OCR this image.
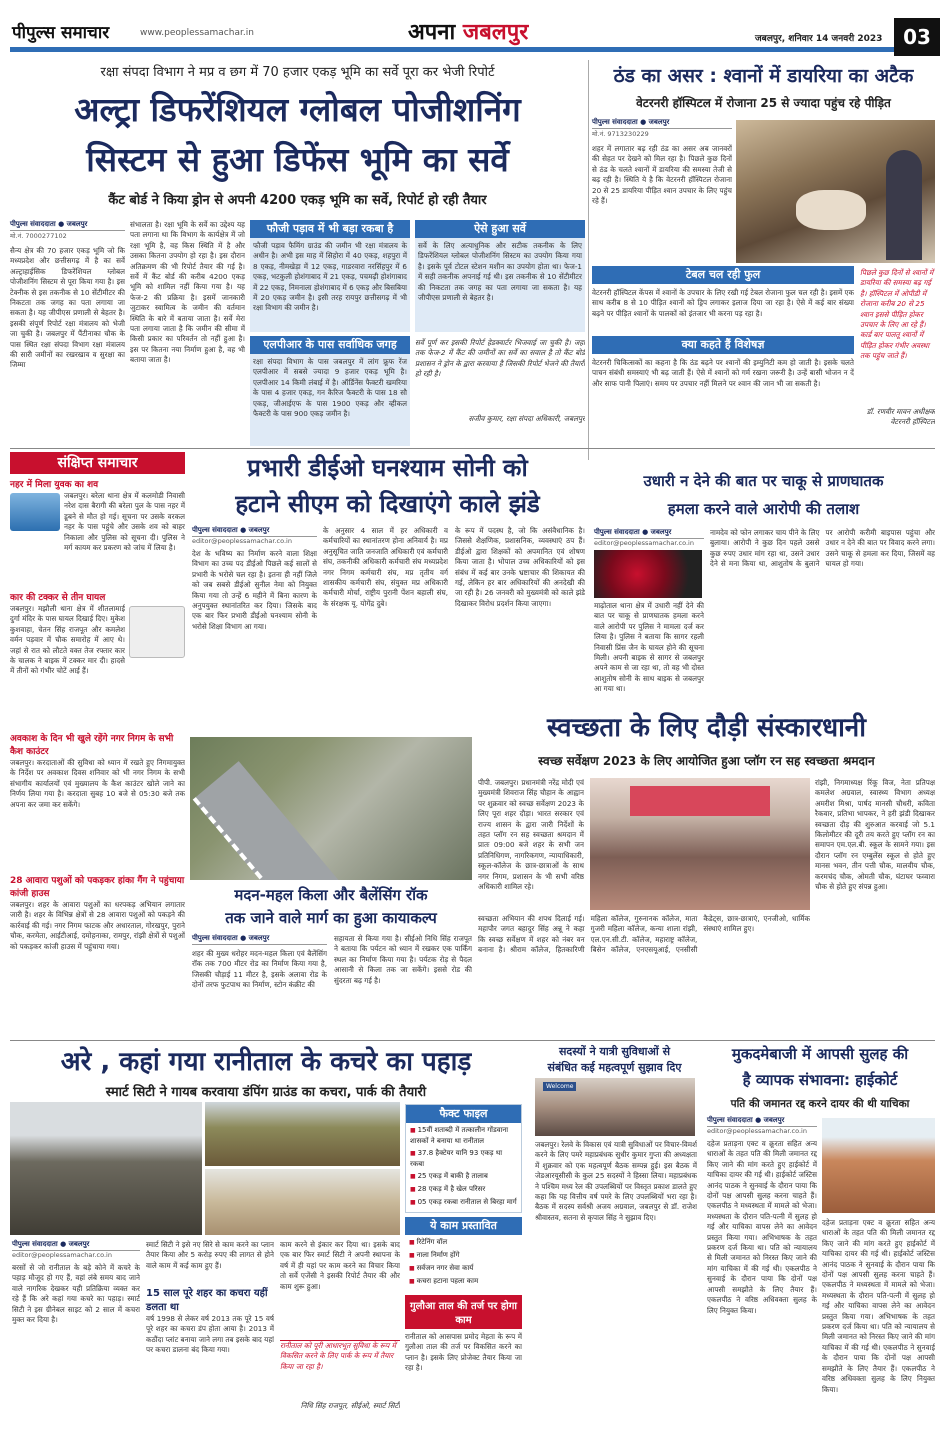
पीपुल्स समाचार	www.peoplessamachar.in	अपना जबलपुर	जबलपुर, शनिवार 14 जनवरी 2023	03
रक्षा संपदा विभाग ने मप्र व छग में 70 हजार एकड़ भूमि का सर्वे पूरा कर भेजी रिपोर्ट
अल्ट्रा डिफरेंशियल ग्लोबल पोजीशनिंग
सिस्टम से हुआ डिफेंस भूमि का सर्वे
कैंट बोर्ड ने किया ड्रोन से अपनी 4200 एकड़ भूमि का सर्वे, रिपोर्ट हो रही तैयार
पीपुल्स संवाददाता ● जबलपुर
मो.नं. 7000277102
सैन्य क्षेत्र की 70 हजार एकड़ भूमि जो कि मध्यप्रदेश और छत्तीसगढ़ में है का सर्वे अल्ट्राहाईसिक डिफरेंशियल ग्लोबल पोजीशनिंग सिस्टम से पूरा किया गया है। इस टेक्नीक से इस तकनीक से 10 सेंटीमीटर की निकटता तक जगह का पता लगाया जा सकता है। यह जीपीएस प्रणाली से बेहतर है। इसकी संपूर्ण रिपोर्ट रक्षा मंत्रालय को भेजी जा चुकी है। जबलपुर में पैंटीनाका चौक के पास स्थित रक्षा संपदा विभाग रक्षा मंत्रालय की सारी जमीनों का रखरखाव व सुरक्षा का जिम्मा
संभालता है। रक्षा भूमि के सर्वे का उद्देश्य यह पता लगाना था कि विभाग के कार्यक्षेत्र में जो रक्षा भूमि है, वह किस स्थिति में है और उसका कितना उपयोग हो रहा है। इस दौरान अतिक्रमण की भी रिपोर्ट तैयार की गई है। सर्वे में कैंट बोर्ड की करीब 4200 एकड़ भूमि को शामिल नहीं किया गया है। यह फेज-2 की प्रक्रिया है। इसमें जानकारी जुटाकर स्वामित्व के जमीन की वर्तमान स्थिति के बारे में बताया जाता है। सर्वे मेरा पता लगाया जाता है कि जमीन की सीमा में किसी प्रकार का परिवर्तन तो नहीं हुआ है। इस पर कितना नया निर्माण हुआ है, वह भी बताया जाता है।
फौजी पड़ाव में भी बड़ा रकबा है
फौजी पड़ाव फैमिंग ग्राउंड की जमीन भी रक्षा मंत्रालय के अधीन है। अभी इस माह में सिहोरा में 40 एकड़, शहपुरा में 8 एकड़, नीमखेड़ा में 12 एकड़, गाडरवारा नरसिंहपुर में 6 एकड़, भटकुली होशंगाबाद में 21 एकड़, पचमढ़ी होशंगाबाद में 22 एकड़, निमनाला होशंगाबाद में 6 एकड़ और बिसबिया में 20 एकड़ जमीन है। इसी तरह रायपुर छत्तीसगढ़ में भी रक्षा विभाग की जमीन है।
ऐसे हुआ सर्वे
सर्वे के लिए अत्याधुनिक और सटीक तकनीक के लिए डिफरेंशियल ग्लोबल पोजीशनिंग सिस्टम का उपयोग किया गया है। इसके पूर्व टोटल स्टेशन मशीन का उपयोग होता था। फेज-1 में सही तकनीक अपनाई गई थी। इस तकनीक से 10 सेंटीमीटर की निकटता तक जगह का पता लगाया जा सकता है। यह जीपीएस प्रणाली से बेहतर है।
एलपीआर के पास सर्वाधिक जगह
रक्षा संपदा विभाग के पास जबलपुर में लांग फ्रूफ रेंज एलपीआर में सबसे ज्यादा 9 हजार एकड़ भूमि है। एलपीआर 14 किमी लंबाई में है। ऑर्डिनेंस फैक्टरी खमरिया के पास 4 हजार एकड़, गन कैरिज फैक्टरी के पास 18 सौ एकड़, जीआईएफ के पास 1900 एकड़ और व्हीकल फैक्टरी के पास 900 एकड़ जमीन है।
सर्वे पूर्ण कर इसकी रिपोर्ट हेडक्वार्टर भिजवाई जा चुकी है। जहां तक फेज-2 में कैंट की जमीनों का सर्वे का सवाल है तो कैंट बोर्ड प्रशासन ने ड्रोन के द्वारा करवाया है जिसकी रिपोर्ट भेजने की तैयारी हो रही है।
सजीव कुमार, रक्षा संपदा अधिकारी, जबलपुर
ठंड का असर : श्वानों में डायरिया का अटैक
वेटरनरी हॉस्पिटल में रोजाना 25 से ज्यादा पहुंच रहे पीड़ित
पीपुल्स संवाददाता ● जबलपुर
मो.नं. 9713230229
शहर में लगातार बढ़ रही ठंड का असर अब जानवरों की सेहत पर देखने को मिल रहा है। पिछले कुछ दिनों से ठंड के चलते श्वानों में डायरिया की समस्या तेजी से बढ़ रही है। स्थिति ये है कि वेटरनरी हॉस्पिटल रोजाना 20 से 25 डायरिया पीड़ित श्वान उपचार के लिए पहुंच रहे हैं।
टेबल चल रही फुल
वेटरनरी हॉस्पिटल केंपस में श्वानों के उपचार के लिए रखी गई टेबल रोजाना फुल चल रही है। इसमें एक साथ करीब 8 से 10 पीड़ित श्वानों को ड्रिप लगाकर इलाज दिया जा रहा है। ऐसे में कई बार संख्या बढ़ने पर पीड़ित श्वानों के पालकों को इंतजार भी करना पड़ रहा है।
क्या कहते हैं विशेषज्ञ
वेटरनरी चिकित्सकों का कहना है कि ठंड बढ़ने पर श्वानों की इम्युनिटी कम हो जाती है। इसके चलते पाचन संबंधी समस्याएं भी बढ़ जाती हैं। ऐसे में श्वानों को गर्म रखना जरूरी है। उन्हें बासी भोजन न दें और साफ पानी पिलाएं। समय पर उपचार नहीं मिलने पर श्वान की जान भी जा सकती है।
पिछले कुछ दिनों से श्वानों में डायरिया की समस्या बढ़ गई है। हॉस्पिटल में ओपीडी में रोजाना करीब 20 से 25 श्वान इससे पीड़ित होकर उपचार के लिए आ रहे हैं। कार्ड बार पालतू श्वानों में पीड़ित होकर गंभीर अवस्था तक पहुंच जाते हैं।
डॉ. रणवीर मावन अधीक्षक वेटरनरी हॉस्पिटल
संक्षिप्त समाचार
नहर में मिला युवक का शव
जबलपुर। बरेला थाना क्षेत्र में कलमोडी निवासी नरेश दास बैरागी की बरेला पुल के पास नहर में डूबने से मौत हो गई। सूचना पर उसके वरकल नहर के पास पहुंचे और उसके शव को बाहर निकाला और पुलिस को सूचना दी। पुलिस ने मर्ग कायम कर प्रकरण को जांच में लिया है।
कार की टक्कर से तीन घायल
जबलपुर। मझौली थाना क्षेत्र में शीतलामाई दुर्गा मंदिर के पास घायल दिखाई दिए। मुकेश कुशवाहा, चेतन सिंह राजपूत और कमलेश वर्मन पड़वार में चौक समारोह में आए थे। जहां से रात को लौटते वक्त तेज रफ्तार कार के चालक ने बाइक में टक्कर मार दी। हादसे में तीनों को गंभीर चोटें आई हैं।
अवकाश के दिन भी खुले रहेंगे नगर निगम के सभी कैश काउंटर
जबलपुर। करदाताओं की सुविधा को ध्यान में रखते हुए निगमायुक्त के निर्देश पर अवकाश दिवस शनिवार को भी नगर निगम के सभी संभागीय कार्यालयों एवं मुख्यालय के कैश काउंटर खोले जाने का निर्णय लिया गया है। करदाता सुबह 10 बजे से 05:30 बजे तक अपना कर जमा कर सकेंगे।
28 आवारा पशुओं को पकड़कर हांका गैंग ने पहुंचाया कांजी हाउस
जबलपुर। शहर के आवारा पशुओं का धरपकड़ अभियान लगातार जारी है। शहर के विभिन्न क्षेत्रों से 28 आवारा पशुओं को पकड़ने की कार्रवाई की गई। नगर निगम फाटक और अधारताल, गोरखपुर, पुराने चौक, करमेता, आईटीआई, दमोहनाका, रामपुर, रांझी क्षेत्रों से पशुओं को पकड़कर कांजी हाउस में पहुंचाया गया।
प्रभारी डीईओ घनश्याम सोनी को
हटाने सीएम को दिखाएंगे काले झंडे
पीपुल्स संवाददाता ● जबलपुर
editor@peoplessamachar.co.in
देश के भविष्य का निर्माण करने वाला शिक्षा विभाग का उच्च पद डीईओ पिछले कई सालों से प्रभारी के भरोसे चल रहा है। इतना ही नहीं जिले को जब सबसे डीईओ सुनील नेमा को नियुक्त किया गया तो उन्हें 6 महीने में बिना कारण के अनुपयुक्त स्थानांतरित कर दिया। जिसके बाद एक बार फिर प्रभारी डीईओ घनश्याम सोनी के भरोसे शिक्षा विभाग आ गया।
के अनुसार 4 साल में हर अधिकारी व कर्मचारियों का स्थानांतरण होना अनिवार्य है। मप्र अनुसूचित जाति जनजाति अधिकारी एवं कर्मचारी संघ, तकनीकी अधिकारी कर्मचारी संघ मध्यप्रदेश नगर निगम कर्मचारी संघ, मप्र तृतीय वर्ग शासकीय कर्मचारी संघ, संयुक्त मप्र अधिकारी कर्मचारी मोर्चा, राष्ट्रीय पुरानी पेंशन बहाली संघ, के संरक्षक यू. योगेंद्र दुबे।
के रूप में पदस्थ है, जो कि असंवैधानिक है। जिससे शैक्षणिक, प्रशासनिक, व्यवस्थाएं ठप हैं। डीईओ द्वारा शिक्षकों को अपमानित एवं शोषण किया जाता है। भोपाल उच्च अधिकारियों को इस संबंध में कई बार उनके भ्रष्टाचार की शिकायत की गई, लेकिन हर बार अधिकारियों की अनदेखी की जा रही है। 26 जनवरी को मुख्यमंत्री को काले झंडे दिखाकर विरोध प्रदर्शन किया जाएगा।
उधारी न देने की बात पर चाकू से प्राणघातक
हमला करने वाले आरोपी की तलाश
पीपुल्स संवाददाता ● जबलपुर
editor@peoplessamachar.co.in
माढ़ोताल थाना क्षेत्र में उधारी नहीं देने की बात पर चाकू से प्राणघातक हमला करने वाले आरोपी पर पुलिस ने मामला दर्ज कर लिया है। पुलिस ने बताया कि सागर रहली निवासी प्रिंस जैन के घायल होने की सूचना मिली। अपनी बाइक से सागर से जबलपुर अपने काम से जा रहा था, तो वह भी दोस्त आशुतोष सोनी के साथ बाइक से जबलपुर आ गया था।
नामदेव को फोन लगाकर चाय पीने के लिए बुलाया। आरोपी ने कुछ दिन पहले उससे कुछ रुपए उधार मांग रहा था, उसने उधार देने से मना किया था, आशुतोष के बुलाने पर आरोपी करीमी बाइपास पहुंचा और उधार न देने की बात पर विवाद करने लगा। उसने चाकू से हमला कर दिया, जिसमें वह घायल हो गया।
मदन-महल किला और बैलेंसिंग रॉक
तक जाने वाले मार्ग का हुआ कायाकल्प
पीपुल्स संवाददाता ● जबलपुर
शहर की मुख्य धरोहर मदन-महल किला एवं बैलेंसिंग रॉक तक 700 मीटर रोड का निर्माण किया गया है, जिसकी चौड़ाई 11 मीटर है, इसके अलावा रोड के दोनों तरफ फुटपाथ का निर्माण, स्टोन कंक्रीट की
सहायता से किया गया है। सीईओ निधि सिंह राजपूत ने बताया कि पर्यटन को ध्यान में रखकर एक पार्किंग स्थल का निर्माण किया गया है। पर्यटक रोड़ से पैदल आसानी से किला तक जा सकेंगे। इससे रोड की सुंदरता बढ़ गई है।
स्वच्छता के लिए दौड़ी संस्कारधानी
स्वच्छ सर्वेक्षण 2023 के लिए आयोजित हुआ प्लॉग रन सह स्वच्छता श्रमदान
पीपी. जबलपुर। प्रधानमंत्री नरेंद्र मोदी एवं मुख्यमंत्री शिवराज सिंह चौहान के आह्वान पर शुक्रवार को स्वच्छ सर्वेक्षण 2023 के लिए पूरा शहर दौड़ा। भारत सरकार एवं राज्य शासन के द्वारा जारी निर्देशों के तहत प्लॉग रन सह स्वच्छता श्रमदान में प्रातः 09:00 बजे शहर के सभी जन प्रतिनिधिगण, नागरिकगण, न्यायाधिकारी, स्कूल-कॉलेज के छात्र-छात्राओं के साथ नगर निगम, प्रशासन के भी सभी वरिष्ठ अधिकारी शामिल रहे।
रांझी, निगमाध्यक्ष रिंकू विज, नेता प्रतिपक्ष कमलेश अग्रवाल, स्वास्थ्य विभाग अध्यक्ष अमरीश मिश्रा, पार्षद मानसी चौधरी, कविता रैकवार, प्रतिभा भापकर, ने हरी झंडी दिखाकर स्वच्छता दौड़ की शुरुआत करवाई जो 5.1 किलोमीटर की दूरी तय करते हुए प्लॉग रन का समापन एम.एल.बी. स्कूल के सामने गया। इस दौरान प्लॉग रन एम्बुलेंस स्कूल से होते हुए मानस भवन, तीन पत्ती चौक, मालवीय चौक, करमचंद चौक, ओमती चौक, घंटाघर फव्वारा चौक से होते हुए संपन्न हुआ।
स्वच्छता अभियान की शपथ दिलाई गई। महापौर जगत बहादुर सिंह अन्नू ने कहा कि स्वच्छ सर्वेक्षण में शहर को नंबर वन बनाना है। श्रीराम कॉलेज, हितकारिणी महिला कॉलेज, गुरुनानक कॉलेज, माता गुजरी महिला कॉलेज, कन्या शाला रांझी, एल.एन.सी.टी. कॉलेज, महाराष्ट्र कॉलेज, बिसेन कॉलेज, एनएसयूआई, एनसीसी कैडेट्स, छात्र-छात्राएं, एनजीओ, धार्मिक संस्थाएं शामिल हुए।
अरे , कहां गया रानीताल के कचरे का पहाड़
स्मार्ट सिटी ने गायब करवाया डंपिंग ग्राउंड का कचरा, पार्क की तैयारी
फैक्ट फाइल
■ 15वीं शताब्दी में तत्कालीन गोंडवाना शासकों ने बनाया था रानीताल
■ 37.8 हैक्टेयर यानि 93 एकड़ था रकबा
■ 25 एकड़ में बाकी है तालाब
■ 28 एकड़ में है खेल परिसर
■ 05 एकड़ रकबा रानीताल से बिरहा मार्ग
ये काम प्रस्तावित
■ रिटेनिंग वॉल
■ नाला निर्माण होंगे
■ सर्वजन नगर सेवा कार्य
■ कचरा हटाना पहला काम
गुलौआ ताल की तर्ज पर होगा काम
रानीताल को आसपास प्रमोद मेहता के रूप में गुलौआ ताल की तर्ज पर विकसित करने का प्लान है। इसके लिए प्रोजेक्ट तैयार किया जा रहा है।
पीपुल्स संवाददाता ● जबलपुर
editor@peoplessamachar.co.in
बरसों से जो रानीताल के बड़े कोने में कचरे के पहाड़ मौजूद हो गए हैं, वहां लंबे समय बाद जाने वाले नागरिक देखकर यही प्रतिक्रिया व्यक्त कर रहे हैं कि अरे कहां गया कचरे का पहाड़। स्मार्ट सिटी ने इस ग्रीनेबल साइट को 2 साल में कचरा मुक्त कर दिया है।
स्मार्ट सिटी ने इसे नए सिरे से काम करने का प्लान तैयार किया और 5 करोड़ रुपए की लागत से होने वाले काम में कई काम हुए हैं।
15 साल पूरे शहर का कचरा यहीं डलता था
वर्ष 1998 से लेकर वर्ष 2013 तक पूरे 15 वर्ष पूरे शहर का कचरा डंप होता आया है। 2013 में कठौंदा प्लांट बनाया जाने लगा तब इसके बाद यहां पर कचरा डालना बंद किया गया।
काम करने से इंकार कर दिया था। इसके बाद एक बार फिर स्मार्ट सिटी ने अपनी स्थापना के वर्ष में ही यहां पर काम करने का विचार किया तो सर्वे एजेंसी ने इसकी रिपोर्ट तैयार की और काम शुरू हुआ।
रानीताल को पूरी आधारभूत सुविधा के रूप में विकसित करने के लिए पार्क के रूप में तैयार किया जा रहा है।
निधि सिंह राजपूत, सीईओ, स्मार्ट सिटी
सदस्यों ने यात्री सुविधाओं से
संबंधित कई महत्वपूर्ण सुझाव दिए
Welcome
जबलपुर। रेलवे के विकास एवं यात्री सुविधाओं पर विचार-विमर्श करने के लिए पमरे महाप्रबंधक सुधीर कुमार गुप्ता की अध्यक्षता में शुक्रवार को एक महत्वपूर्ण बैठक सम्पन्न हुई। इस बैठक में जेडआरयूसीसी के कुल 25 सदस्यों ने हिस्सा लिया। महाप्रबंधक ने पश्चिम मध्य रेल की उपलब्धियों पर विस्तृत प्रकाश डालते हुए कहा कि यह वित्तीय वर्ष पमरे के लिए उपलब्धियों भरा रहा है। बैठक में सदस्य सर्वश्री अजय अग्रवाल, जबलपुर से डॉ. राजेश श्रीवास्तव, सतना से कृपाल सिंह ने सुझाव दिए।
मुकदमेबाजी में आपसी सुलह की
है व्यापक संभावना: हाईकोर्ट
पति की जमानत रद्द करने दायर की थी याचिका
पीपुल्स संवाददाता ● जबलपुर
editor@peoplessamachar.co.in
दहेज प्रताड़ना एक्ट व क्रूरता सहित अन्य धाराओं के तहत पति की मिली जमानत रद्द किए जाने की मांग करते हुए हाईकोर्ट में याचिका दायर की गई थी। हाईकोर्ट जस्टिस आनंद पाठक ने सुनवाई के दौरान पाया कि दोनों पक्ष आपसी सुलह करना चाहते हैं। एकलपीठ ने मध्यस्थता में मामले को भेजा। मध्यस्थता के दौरान पति-पत्नी में सुलह हो गई और याचिका वापस लेने का आवेदन प्रस्तुत किया गया। अभिभाषक के तहत प्रकरण दर्ज किया था। पति को न्यायालय से मिली जमानत को निरस्त किए जाने की मांग याचिका में की गई थी। एकलपीठ ने सुनवाई के दौरान पाया कि दोनों पक्ष आपसी समझौते के लिए तैयार हैं। एकलपीठ ने वरिष्ठ अधिवक्ता सुलह के लिए नियुक्त किया।
दहेज प्रताड़ना एक्ट व क्रूरता सहित अन्य धाराओं के तहत पति की मिली जमानत रद्द किए जाने की मांग करते हुए हाईकोर्ट में याचिका दायर की गई थी। हाईकोर्ट जस्टिस आनंद पाठक ने सुनवाई के दौरान पाया कि दोनों पक्ष आपसी सुलह करना चाहते हैं। एकलपीठ ने मध्यस्थता में मामले को भेजा। मध्यस्थता के दौरान पति-पत्नी में सुलह हो गई और याचिका वापस लेने का आवेदन प्रस्तुत किया गया। अभिभाषक के तहत प्रकरण दर्ज किया था। पति को न्यायालय से मिली जमानत को निरस्त किए जाने की मांग याचिका में की गई थी। एकलपीठ ने सुनवाई के दौरान पाया कि दोनों पक्ष आपसी समझौते के लिए तैयार हैं। एकलपीठ ने वरिष्ठ अधिवक्ता सुलह के लिए नियुक्त किया।
